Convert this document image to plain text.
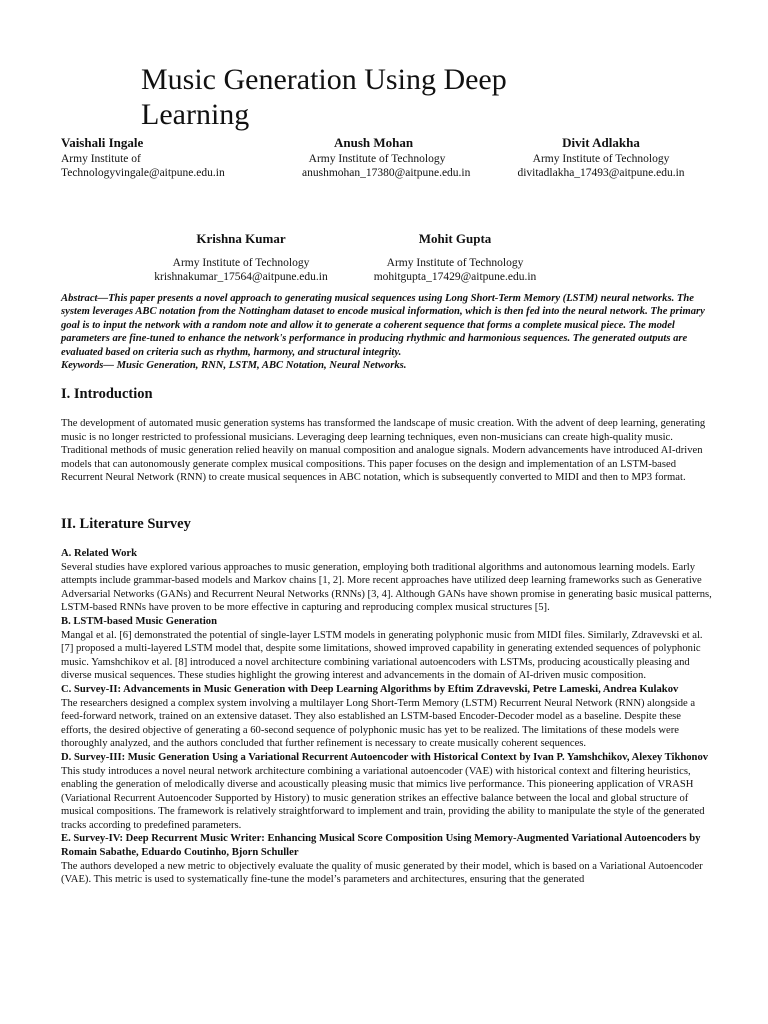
Music Generation Using Deep Learning
Vaishali Ingale
Army Institute of
Technologyvingale@aitpune.edu.in
Anush Mohan
Army Institute of Technology
anushmohan_17380@aitpune.edu.in
Divit Adlakha
Army Institute of Technology
divitadlakha_17493@aitpune.edu.in
Krishna Kumar
Army Institute of Technology
krishnakumar_17564@aitpune.edu.in
Mohit Gupta
Army Institute of Technology
mohitgupta_17429@aitpune.edu.in

Abstract—This paper presents a novel approach to generating musical sequences using Long Short-Term Memory (LSTM) neural networks. The system leverages ABC notation from the Nottingham dataset to encode musical information, which is then fed into the neural network. The primary goal is to input the network with a random note and allow it to generate a coherent sequence that forms a complete musical piece. The model parameters are fine-tuned to enhance the network's performance in producing rhythmic and harmonious sequences. The generated outputs are evaluated based on criteria such as rhythm, harmony, and structural integrity.

Keywords— Music Generation, RNN, LSTM, ABC Notation, Neural Networks.

I. Introduction

The development of automated music generation systems has transformed the landscape of music creation. With the advent of deep learning, generating music is no longer restricted to professional musicians. Leveraging deep learning techniques, even non-musicians can create high-quality music. Traditional methods of music generation relied heavily on manual composition and analogue signals. Modern advancements have introduced AI-driven models that can autonomously generate complex musical compositions. This paper focuses on the design and implementation of an LSTM-based Recurrent Neural Network (RNN) to create musical sequences in ABC notation, which is subsequently converted to MIDI and then to MP3 format.

II. Literature Survey

A. Related Work

Several studies have explored various approaches to music generation, employing both traditional algorithms and autonomous learning models. Early attempts include grammar-based models and Markov chains [1, 2]. More recent approaches have utilized deep learning frameworks such as Generative Adversarial Networks (GANs) and Recurrent Neural Networks (RNNs) [3, 4]. Although GANs have shown promise in generating basic musical patterns, LSTM-based RNNs have proven to be more effective in capturing and reproducing complex musical structures [5].

B. LSTM-based Music Generation

Mangal et al. [6] demonstrated the potential of single-layer LSTM models in generating polyphonic music from MIDI files. Similarly, Zdravevski et al. [7] proposed a multi-layered LSTM model that, despite some limitations, showed improved capability in generating extended sequences of polyphonic music. Yamshchikov et al. [8] introduced a novel architecture combining variational autoencoders with LSTMs, producing acoustically pleasing and diverse musical sequences. These studies highlight the growing interest and advancements in the domain of AI-driven music composition.

C. Survey-II: Advancements in Music Generation with Deep Learning Algorithms by Eftim Zdravevski, Petre Lameski, Andrea Kulakov

The researchers designed a complex system involving a multilayer Long Short-Term Memory (LSTM) Recurrent Neural Network (RNN) alongside a feed-forward network, trained on an extensive dataset. They also established an LSTM-based Encoder-Decoder model as a baseline. Despite these efforts, the desired objective of generating a 60-second sequence of polyphonic music has yet to be realized. The limitations of these models were thoroughly analyzed, and the authors concluded that further refinement is necessary to create musically coherent sequences.

D. Survey-III: Music Generation Using a Variational Recurrent Autoencoder with Historical Context by Ivan P. Yamshchikov, Alexey Tikhonov

This study introduces a novel neural network architecture combining a variational autoencoder (VAE) with historical context and filtering heuristics, enabling the generation of melodically diverse and acoustically pleasing music that mimics live performance. This pioneering application of VRASH (Variational Recurrent Autoencoder Supported by History) to music generation strikes an effective balance between the local and global structure of musical compositions. The framework is relatively straightforward to implement and train, providing the ability to manipulate the style of the generated tracks according to predefined parameters.

E. Survey-IV: Deep Recurrent Music Writer: Enhancing Musical Score Composition Using Memory-Augmented Variational Autoencoders by Romain Sabathe, Eduardo Coutinho, Bjorn Schuller

The authors developed a new metric to objectively evaluate the quality of music generated by their model, which is based on a Variational Autoencoder (VAE). This metric is used to systematically fine-tune the model’s parameters and architectures, ensuring that the generated
